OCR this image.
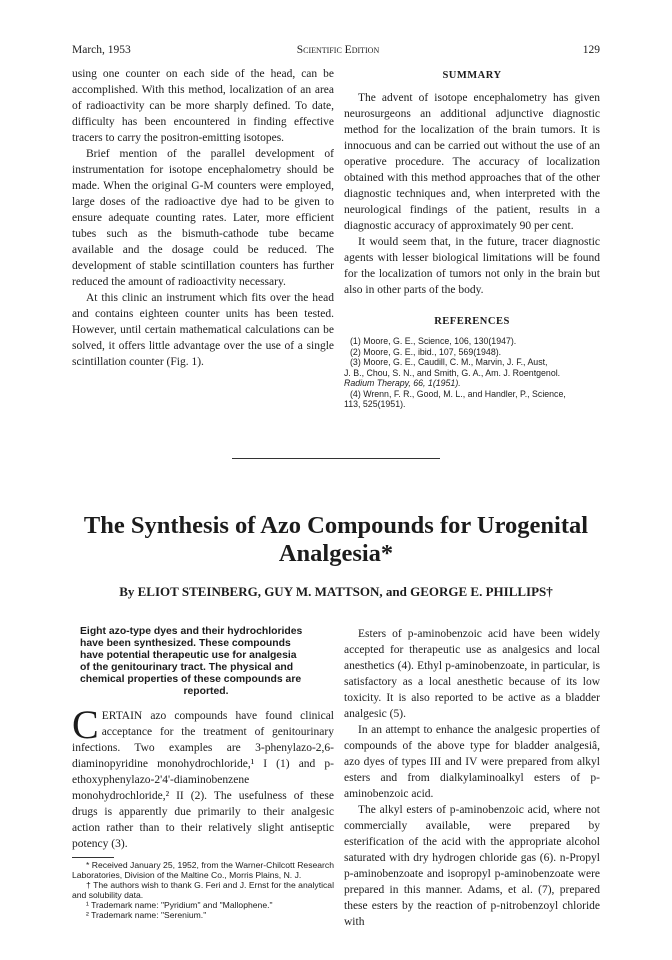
March, 1953	Scientific Edition	129

using one counter on each side of the head, can be accomplished. With this method, localization of an area of radioactivity can be more sharply defined. To date, difficulty has been encountered in finding effective tracers to carry the positron-emitting isotopes.

Brief mention of the parallel development of instrumentation for isotope encephalometry should be made. When the original G-M counters were employed, large doses of the radioactive dye had to be given to ensure adequate counting rates. Later, more efficient tubes such as the bismuth-cathode tube became available and the dosage could be reduced. The development of stable scintillation counters has further reduced the amount of radioactivity necessary.

At this clinic an instrument which fits over the head and contains eighteen counter units has been tested. However, until certain mathematical calculations can be solved, it offers little advantage over the use of a single scintillation counter (Fig. 1).

SUMMARY

The advent of isotope encephalometry has given neurosurgeons an additional adjunctive diagnostic method for the localization of the brain tumors. It is innocuous and can be carried out without the use of an operative procedure. The accuracy of localization obtained with this method approaches that of the other diagnostic techniques and, when interpreted with the neurological findings of the patient, results in a diagnostic accuracy of approximately 90 per cent.

It would seem that, in the future, tracer diagnostic agents with lesser biological limitations will be found for the localization of tumors not only in the brain but also in other parts of the body.

REFERENCES
(1) Moore, G. E., Science, 106, 130(1947).
(2) Moore, G. E., ibid., 107, 569(1948).
(3) Moore, G. E., Caudill, C. M., Marvin, J. F., Aust,
J. B., Chou, S. N., and Smith, G. A., Am. J. Roentgenol.
Radium Therapy, 66, 1(1951).
(4) Wrenn, F. R., Good, M. L., and Handler, P., Science,
113, 525(1951).
The Synthesis of Azo Compounds for Urogenital
Analgesia*
By ELIOT STEINBERG, GUY M. MATTSON, and GEORGE E. PHILLIPS†
Eight azo-type dyes and their hydrochlorides
have been synthesized. These compounds
have potential therapeutic use for analgesia
of the genitourinary tract. The physical and
chemical properties of these compounds are
reported.

CERTAIN azo compounds have found clinical acceptance for the treatment of genitourinary infections. Two examples are 3-phenylazo-2,6-diaminopyridine monohydrochloride,¹ I (1) and p-ethoxyphenylazo-2'4'-diaminobenzene monohydrochloride,² II (2). The usefulness of these drugs is apparently due primarily to their analgesic action rather than to their relatively slight antiseptic potency (3).

* Received January 25, 1952, from the Warner-Chilcott Research Laboratories, Division of the Maltine Co., Morris Plains, N. J.

† The authors wish to thank G. Feri and J. Ernst for the analytical and solubility data.

¹ Trademark name: "Pyridium" and "Mallophene."

² Trademark name: "Serenium."

Esters of p-aminobenzoic acid have been widely accepted for therapeutic use as analgesics and local anesthetics (4). Ethyl p-aminobenzoate, in particular, is satisfactory as a local anesthetic because of its low toxicity. It is also reported to be active as a bladder analgesic (5).

In an attempt to enhance the analgesic properties of compounds of the above type for bladder analgesiâ, azo dyes of types III and IV were prepared from alkyl esters and from dialkylaminoalkyl esters of p-aminobenzoic acid.

The alkyl esters of p-aminobenzoic acid, where not commercially available, were prepared by esterification of the acid with the appropriate alcohol saturated with dry hydrogen chloride gas (6). n-Propyl p-aminobenzoate and isopropyl p-aminobenzoate were prepared in this manner. Adams, et al. (7), prepared these esters by the reaction of p-nitrobenzoyl chloride with
